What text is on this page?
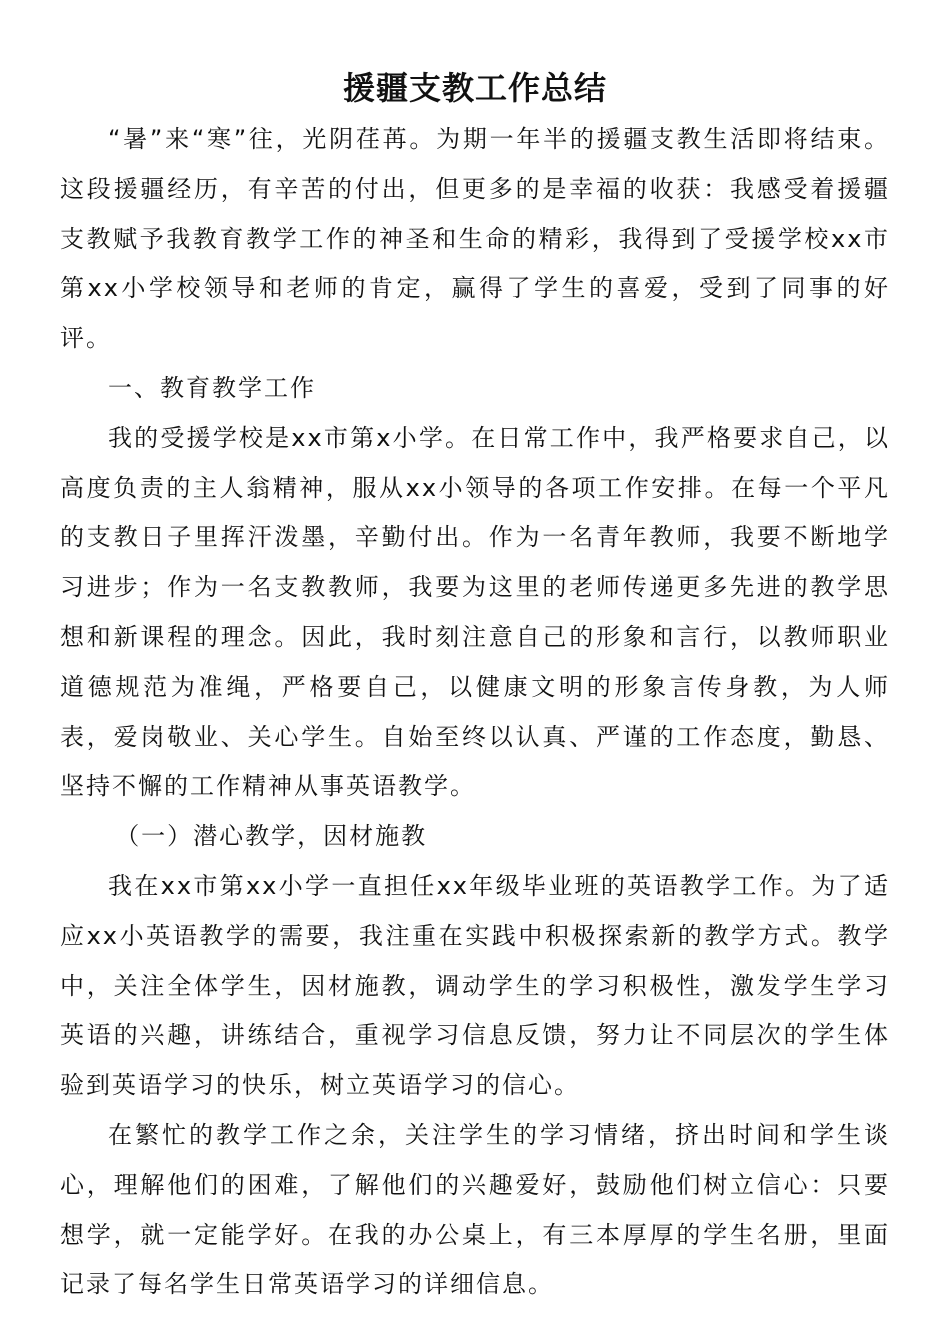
援疆支教工作总结

“暑”来“寒”往，光阴荏苒。为期一年半的援疆支教生活即将结束。这段援疆经历，有辛苦的付出，但更多的是幸福的收获：我感受着援疆支教赋予我教育教学工作的神圣和生命的精彩，我得到了受援学校xx市第xx小学校领导和老师的肯定，赢得了学生的喜爱，受到了同事的好评。

一、教育教学工作

我的受援学校是xx市第x小学。在日常工作中，我严格要求自己，以高度负责的主人翁精神，服从xx小领导的各项工作安排。在每一个平凡的支教日子里挥汗泼墨，辛勤付出。作为一名青年教师，我要不断地学习进步；作为一名支教教师，我要为这里的老师传递更多先进的教学思想和新课程的理念。因此，我时刻注意自己的形象和言行，以教师职业道德规范为准绳，严格要自己，以健康文明的形象言传身教，为人师表，爱岗敬业、关心学生。自始至终以认真、严谨的工作态度，勤恳、坚持不懈的工作精神从事英语教学。

（一）潜心教学，因材施教

我在xx市第xx小学一直担任xx年级毕业班的英语教学工作。为了适应xx小英语教学的需要，我注重在实践中积极探索新的教学方式。教学中，关注全体学生，因材施教，调动学生的学习积极性，激发学生学习英语的兴趣，讲练结合，重视学习信息反馈，努力让不同层次的学生体验到英语学习的快乐，树立英语学习的信心。

在繁忙的教学工作之余，关注学生的学习情绪，挤出时间和学生谈心，理解他们的困难，了解他们的兴趣爱好，鼓励他们树立信心：只要想学，就一定能学好。在我的办公桌上，有三本厚厚的学生名册，里面记录了每名学生日常英语学习的详细信息。
